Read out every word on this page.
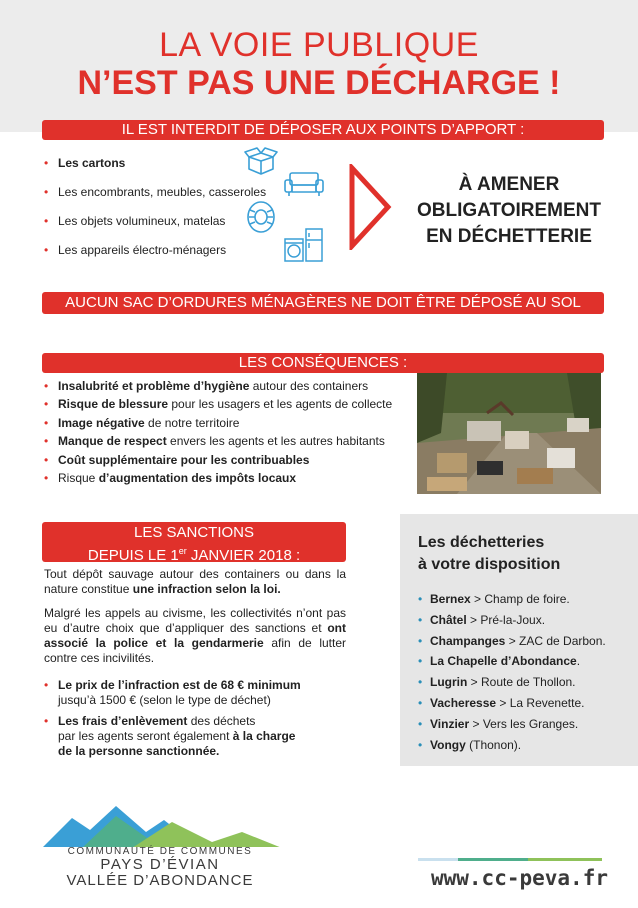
LA VOIE PUBLIQUE
N’EST PAS UNE DÉCHARGE !
IL EST INTERDIT DE DÉPOSER AUX POINTS D’APPORT :
• Les cartons
• Les encombrants, meubles, casseroles
• Les objets volumineux, matelas
• Les appareils électro-ménagers
À AMENER
OBLIGATOIREMENT
EN DÉCHETTERIE
AUCUN SAC D’ORDURES MÉNAGÈRES NE DOIT ÊTRE DÉPOSÉ AU SOL
LES CONSÉQUENCES :
• Insalubrité et problème d’hygiène autour des containers
• Risque de blessure pour les usagers et les agents de collecte
• Image négative de notre territoire
• Manque de respect envers les agents et les autres habitants
• Coût supplémentaire pour les contribuables
• Risque d’augmentation des impôts locaux
LES SANCTIONS
DEPUIS LE 1er JANVIER 2018 :
Tout dépôt sauvage autour des containers ou dans la nature constitue une infraction selon la loi.
Malgré les appels au civisme, les collectivités n’ont pas eu d’autre choix que d’appliquer des sanctions et ont associé la police et la gendarmerie afin de lutter contre ces incivilités.
• Le prix de l’infraction est de 68 € minimum
jusqu’à 1500 € (selon le type de déchet)
• Les frais d’enlèvement des déchets
par les agents seront également à la charge
de la personne sanctionnée.
Les déchetteries
à votre disposition
• Bernex > Champ de foire.
• Châtel > Pré-la-Joux.
• Champanges > ZAC de Darbon.
• La Chapelle d’Abondance.
• Lugrin > Route de Thollon.
• Vacheresse > La Revenette.
• Vinzier > Vers les Granges.
• Vongy (Thonon).
COMMUNAUTÉ DE COMMUNES
PAYS D’ÉVIAN
VALLÉE D’ABONDANCE	www.cc-peva.fr
